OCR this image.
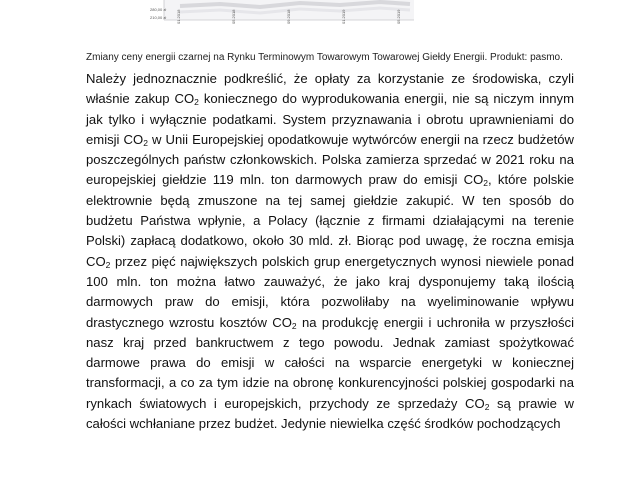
280,00 zł
210,00 zł 01.2018	05.2018	09.2018	01.2019	05.2019
Zmiany ceny energii czarnej na Rynku Terminowym Towarowym Towarowej Giełdy Energii. Produkt: pasmo.

Należy jednoznacznie podkreślić, że opłaty za korzystanie ze środowiska, czyli właśnie zakup $CO_2$ koniecznego do wyprodukowania energii, nie są niczym innym jak tylko i wyłącznie podatkami. System przyznawania i obrotu uprawnieniami do emisji $CO_2$ w Unii Europejskiej opodatkowuje wytwórców energii na rzecz budżetów poszczególnych państw członkowskich. Polska zamierza sprzedać w 2021 roku na europejskiej giełdzie 119 mln. ton darmowych praw do emisji $CO_2$, które polskie elektrownie będą zmuszone na tej samej giełdzie zakupić. W ten sposób do budżetu Państwa wpłynie, a Polacy (łącznie z firmami działającymi na terenie Polski) zapłacą dodatkowo, około 30 mld. zł. Biorąc pod uwagę, że roczna emisja $CO_2$ przez pięć największych polskich grup energetycznych wynosi niewiele ponad 100 mln. ton można łatwo zauważyć, że jako kraj dysponujemy taką ilością darmowych praw do emisji, która pozwoliłaby na wyeliminowanie wpływu drastycznego wzrostu kosztów $CO_2$ na produkcję energii i uchroniła w przyszłości nasz kraj przed bankructwem z tego powodu. Jednak zamiast spożytkować darmowe prawa do emisji w całości na wsparcie energetyki w koniecznej transformacji, a co za tym idzie na obronę konkurencyjności polskiej gospodarki na rynkach światowych i europejskich, przychody ze sprzedaży $CO_2$ są prawie w całości wchłaniane przez budżet. Jedynie niewielka część środków pochodzących
